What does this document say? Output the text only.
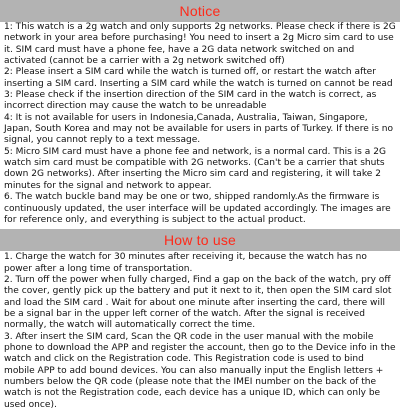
Notice

1: This watch is a 2g watch and only supports 2g networks. Please check if there is 2G network in your area before purchasing! You need to insert a 2g Micro sim card to use it. SIM card must have a phone fee, have a 2G data network switched on and activated (cannot be a carrier with a 2g network switched off)

2: Please insert a SIM card while the watch is turned off, or restart the watch after inserting a SIM card. Inserting a SIM card while the watch is turned on cannot be read

3: Please check if the insertion direction of the SIM card in the watch is correct, as incorrect direction may cause the watch to be unreadable

4: It is not available for users in Indonesia,Canada, Australia, Taiwan, Singapore, Japan, South Korea and may not be available for users in parts of Turkey. If there is no signal, you cannot reply to a text message.

5: Micro SIM card must have a phone fee and network, is a normal card. This is a 2G watch sim card must be compatible with 2G networks. (Can't be a carrier that shuts down 2G networks). After inserting the Micro sim card and registering, it will take 2 minutes for the signal and network to appear.

6. The watch buckle band may be one or two, shipped randomly.As the firmware is continuously updated, the user interface will be updated accordingly. The images are for reference only, and everything is subject to the actual product.

How to use

1. Charge the watch for 30 minutes after receiving it, because the watch has no power after a long time of transportation.

2. Turn off the power when fully charged, Find a gap on the back of the watch, pry off the cover, gently pick up the battery and put it next to it, then open the SIM card slot and load the SIM card . Wait for about one minute after inserting the card, there will be a signal bar in the upper left corner of the watch. After the signal is received normally, the watch will automatically correct the time.

3. After insert the SIM card, Scan the QR code in the user manual with the mobile phone to download the APP and register the account, then go to the Device info in the watch and click on the Registration code. This Registration code is used to bind mobile APP to add bound devices. You can also manually input the English letters + numbers below the QR code (please note that the IMEI number on the back of the watch is not the Registration code, each device has a unique ID, which can only be used once).
